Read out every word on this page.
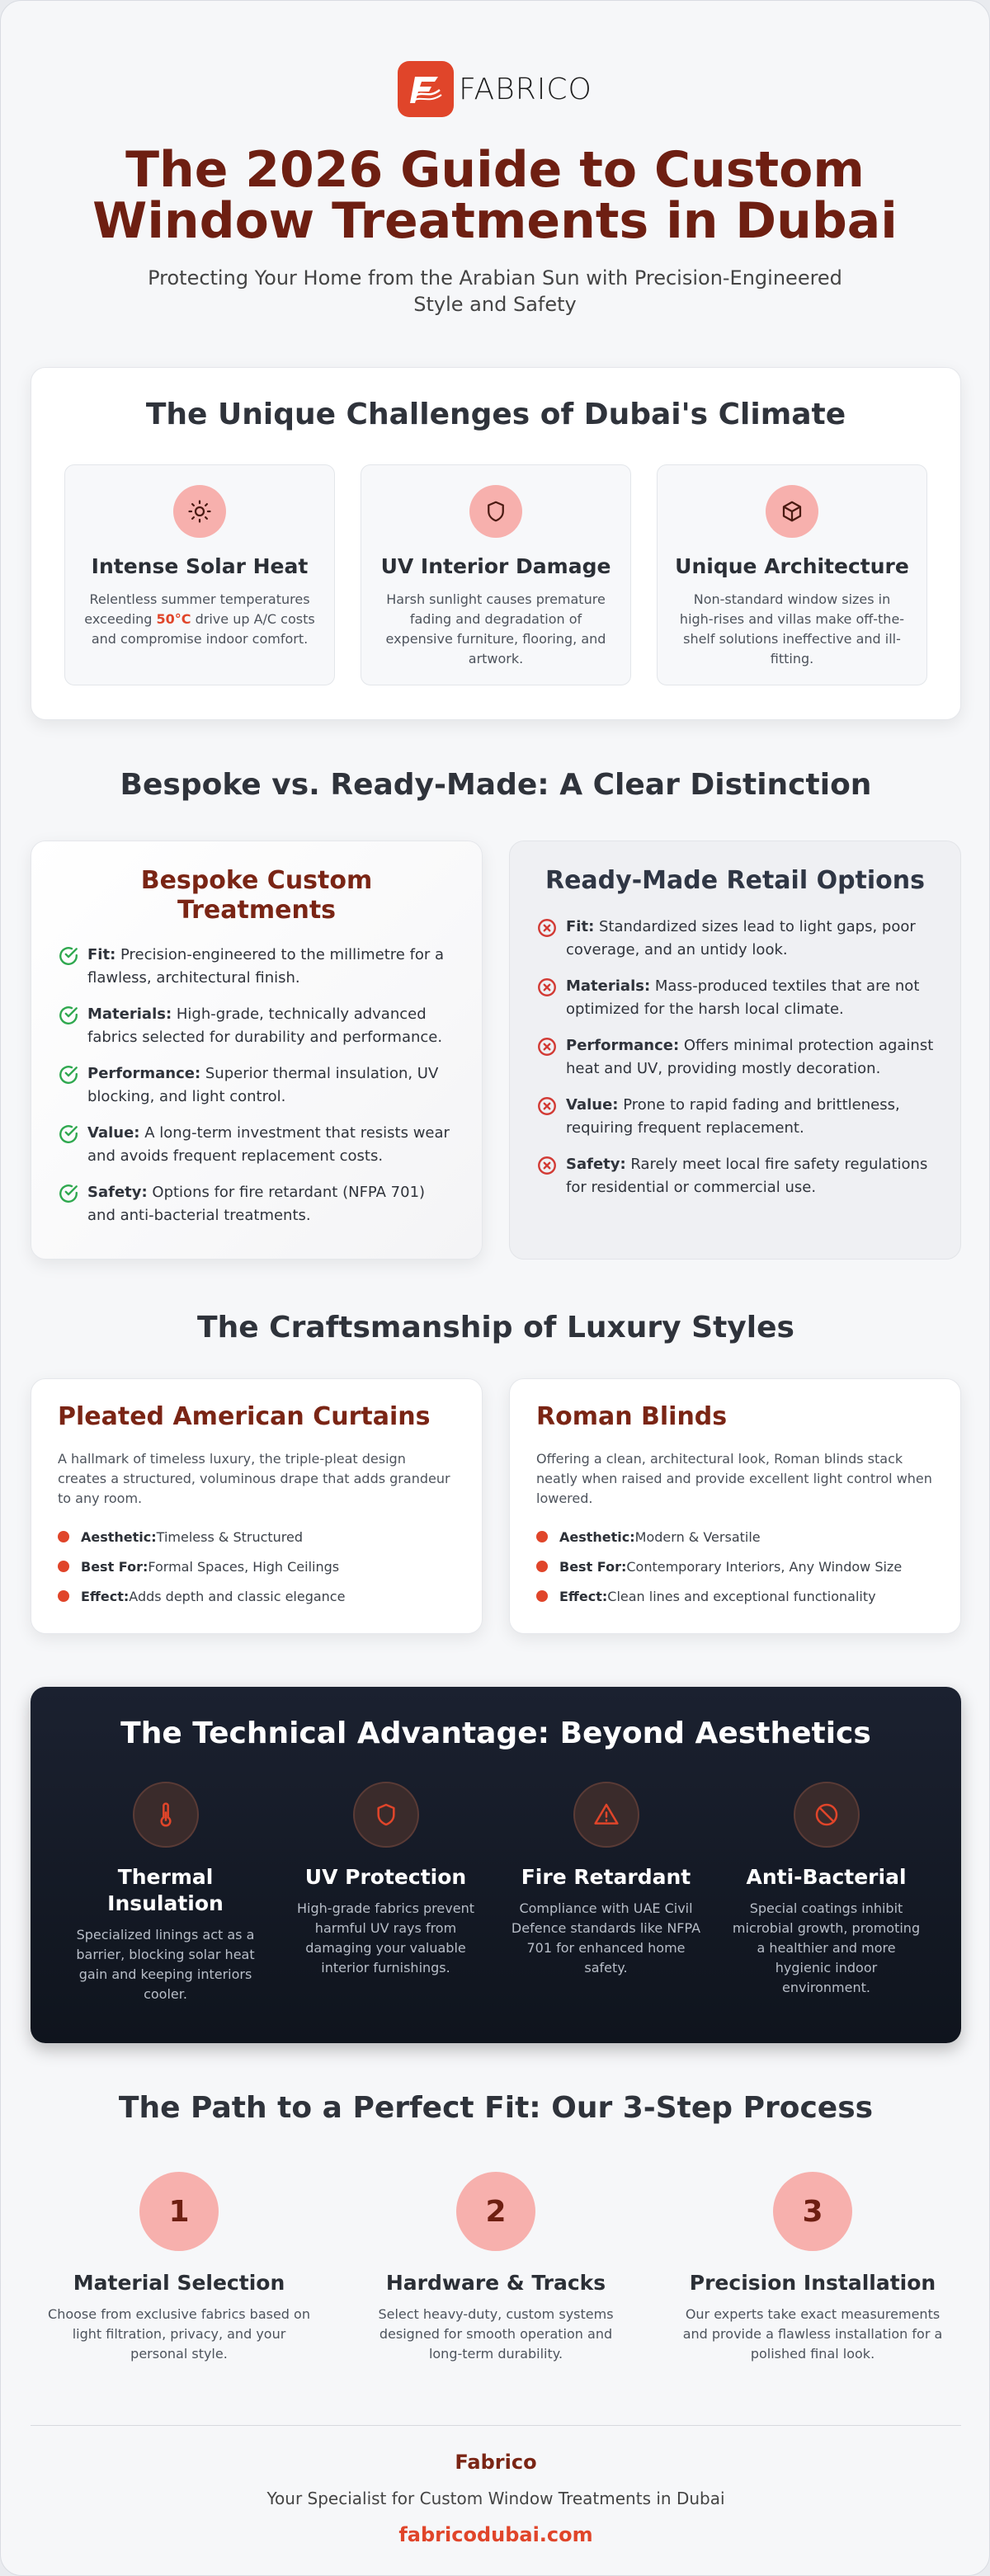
FABRICO
The 2026 Guide to Custom Window Treatments in Dubai

Protecting Your Home from the Arabian Sun with Precision-Engineered Style and Safety

The Unique Challenges of Dubai's Climate
Intense Solar Heat

Relentless summer temperatures exceeding 50°C drive up A/C costs and compromise indoor comfort.

UV Interior Damage

Harsh sunlight causes premature fading and degradation of expensive furniture, flooring, and artwork.

Unique Architecture

Non-standard window sizes in high-rises and villas make off-the-shelf solutions ineffective and ill-fitting.

Bespoke vs. Ready-Made: A Clear Distinction
Bespoke Custom Treatments
Fit: Precision-engineered to the millimetre for a flawless, architectural finish.
Materials: High-grade, technically advanced fabrics selected for durability and performance.
Performance: Superior thermal insulation, UV blocking, and light control.
Value: A long-term investment that resists wear and avoids frequent replacement costs.
Safety: Options for fire retardant (NFPA 701) and anti-bacterial treatments.
Ready-Made Retail Options
Fit: Standardized sizes lead to light gaps, poor coverage, and an untidy look.
Materials: Mass-produced textiles that are not optimized for the harsh local climate.
Performance: Offers minimal protection against heat and UV, providing mostly decoration.
Value: Prone to rapid fading and brittleness, requiring frequent replacement.
Safety: Rarely meet local fire safety regulations for residential or commercial use.
The Craftsmanship of Luxury Styles
Pleated American Curtains

A hallmark of timeless luxury, the triple-pleat design creates a structured, voluminous drape that adds grandeur to any room.

Aesthetic: Timeless & Structured
Best For: Formal Spaces, High Ceilings
Effect: Adds depth and classic elegance
Roman Blinds

Offering a clean, architectural look, Roman blinds stack neatly when raised and provide excellent light control when lowered.

Aesthetic: Modern & Versatile
Best For: Contemporary Interiors, Any Window Size
Effect: Clean lines and exceptional functionality
The Technical Advantage: Beyond Aesthetics
Thermal Insulation

Specialized linings act as a barrier, blocking solar heat gain and keeping interiors cooler.

UV Protection

High-grade fabrics prevent harmful UV rays from damaging your valuable interior furnishings.

Fire Retardant

Compliance with UAE Civil Defence standards like NFPA 701 for enhanced home safety.

Anti-Bacterial

Special coatings inhibit microbial growth, promoting a healthier and more hygienic indoor environment.

The Path to a Perfect Fit: Our 3-Step Process
1
Material Selection

Choose from exclusive fabrics based on light filtration, privacy, and your personal style.

2
Hardware & Tracks

Select heavy-duty, custom systems designed for smooth operation and long-term durability.

3
Precision Installation

Our experts take exact measurements and provide a flawless installation for a polished final look.

Fabrico
Your Specialist for Custom Window Treatments in Dubai
fabricodubai.com
